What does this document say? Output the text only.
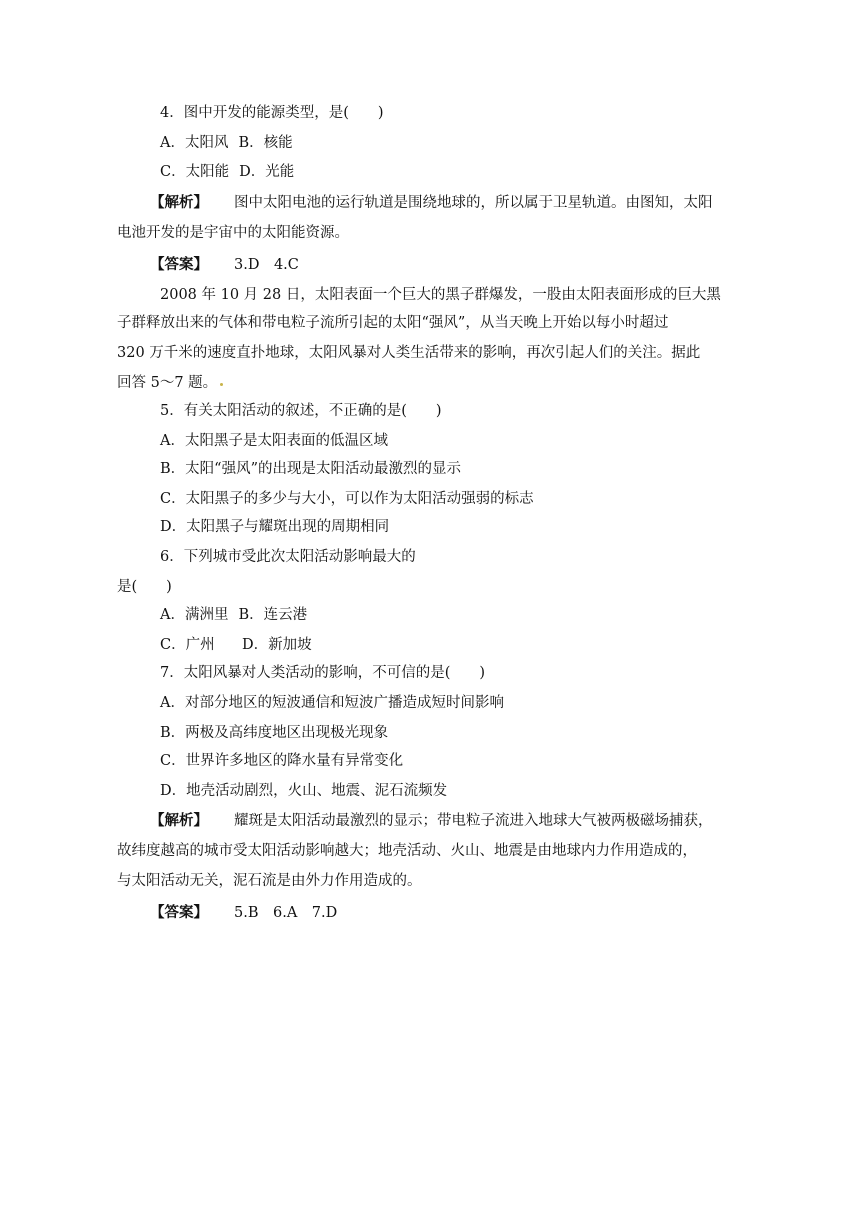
4．图中开发的能源类型，是(　　)
A．太阳风 B．核能
C．太阳能 D．光能
【解析】 图中太阳电池的运行轨道是围绕地球的，所以属于卫星轨道。由图知，太阳
电池开发的是宇宙中的太阳能资源。
【答案】 3.D　4.C
2008 年 10 月 28 日，太阳表面一个巨大的黑子群爆发，一股由太阳表面形成的巨大黑
子群释放出来的气体和带电粒子流所引起的太阳“强风”，从当天晚上开始以每小时超过
320 万千米的速度直扑地球，太阳风暴对人类生活带来的影响，再次引起人们的关注。据此
回答 5～7 题。
5．有关太阳活动的叙述，不正确的是(　　)
A．太阳黑子是太阳表面的低温区域
B．太阳“强风”的出现是太阳活动最激烈的显示
C．太阳黑子的多少与大小，可以作为太阳活动强弱的标志
D．太阳黑子与耀斑出现的周期相同
6．下列城市受此次太阳活动影响最大的
是(　　)
A．满洲里 B．连云港
C．广州 D．新加坡
7．太阳风暴对人类活动的影响，不可信的是(　　)
A．对部分地区的短波通信和短波广播造成短时间影响
B．两极及高纬度地区出现极光现象
C．世界许多地区的降水量有异常变化
D．地壳活动剧烈，火山、地震、泥石流频发
【解析】 耀斑是太阳活动最激烈的显示；带电粒子流进入地球大气被两极磁场捕获，
故纬度越高的城市受太阳活动影响越大；地壳活动、火山、地震是由地球内力作用造成的，
与太阳活动无关，泥石流是由外力作用造成的。
【答案】 5.B　6.A　7.D
